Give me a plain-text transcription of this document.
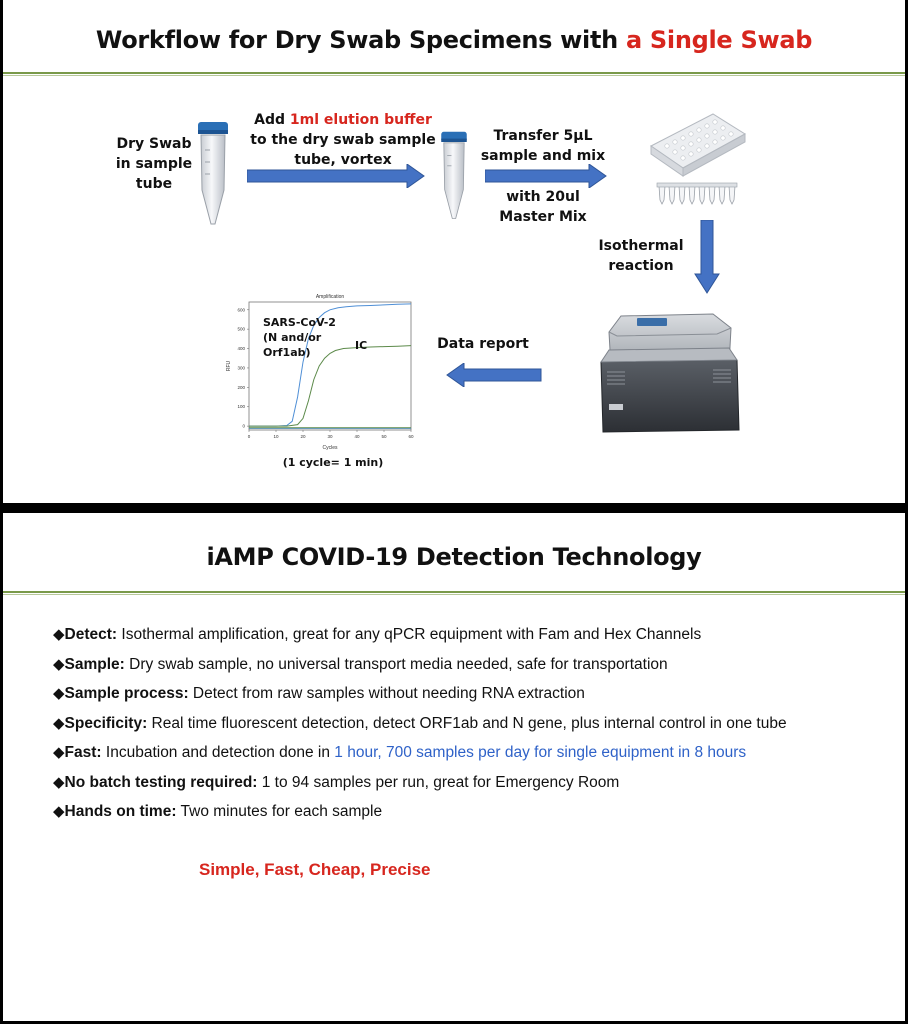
Workflow for Dry Swab Specimens with a Single Swab
Dry Swab
in sample
tube
Add 1ml elution buffer
to the dry swab sample
tube, vortex
Transfer 5µL
sample and mix
with 20ul
Master Mix
Isothermal
reaction
Data report
Amplification
Cycles
RFU
0	10	20	30	40	50	60
0
100
200
300
400
500
600
SARS-CoV-2
(N and/or
Orf1ab)
IC
(1 cycle= 1 min)
iAMP COVID-19 Detection Technology
◆Detect: Isothermal amplification, great for any qPCR equipment with Fam and Hex Channels
◆Sample: Dry swab sample, no universal transport media needed, safe for transportation
◆Sample process: Detect from raw samples without needing RNA extraction
◆Specificity: Real time fluorescent detection, detect ORF1ab and N gene, plus internal control in one tube
◆Fast: Incubation and detection done in 1 hour, 700 samples per day for single equipment in 8 hours
◆No batch testing required: 1 to 94 samples per run, great for Emergency Room
◆Hands on time: Two minutes for each sample
Simple, Fast, Cheap, Precise
